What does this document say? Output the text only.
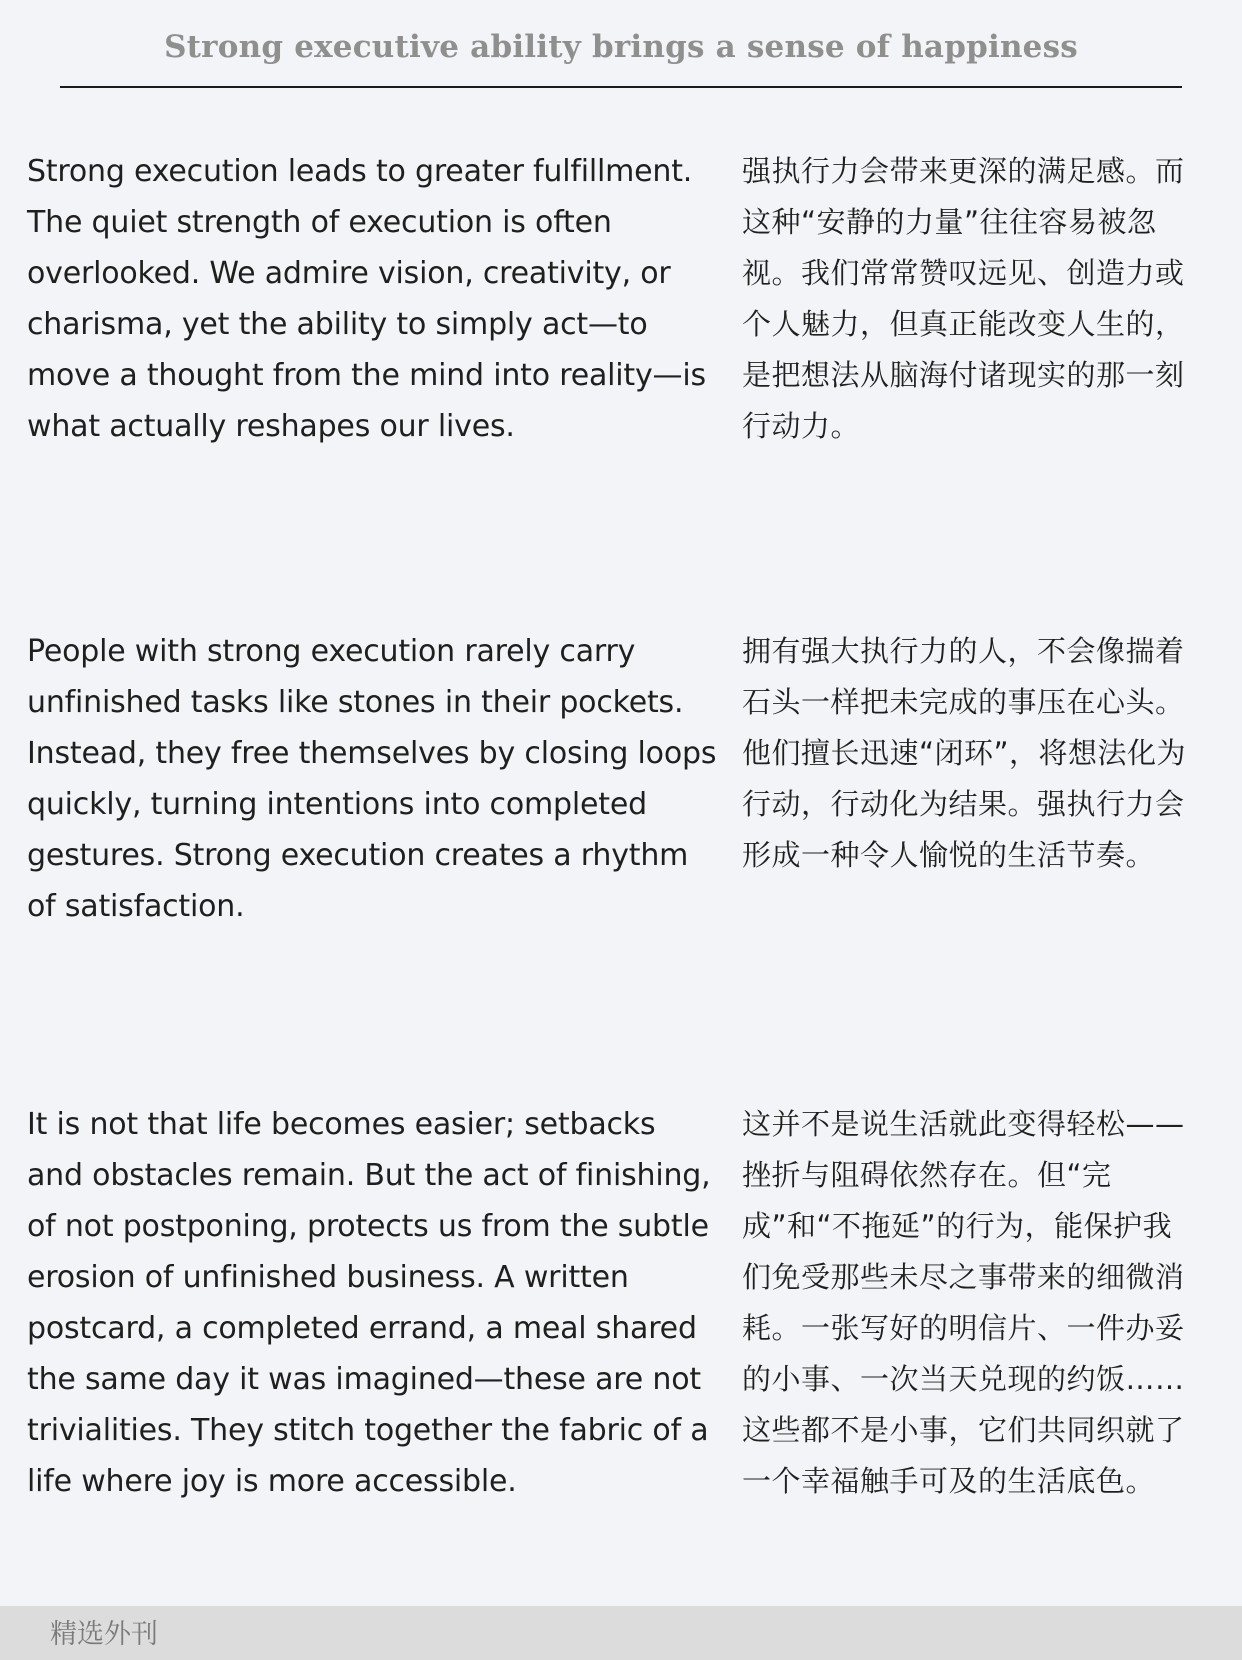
Strong executive ability brings a sense of happiness

Strong execution leads to greater fulfillment. The quiet strength of execution is often overlooked. We admire vision, creativity, or charisma, yet the ability to simply act—to move a thought from the mind into reality—is what actually reshapes our lives.

强执行力会带来更深的满足感。而这种“安静的力量”往往容易被忽视。我们常常赞叹远见、创造力或个人魅力，但真正能改变人生的，是把想法从脑海付诸现实的那一刻行动力。

People with strong execution rarely carry unfinished tasks like stones in their pockets. Instead, they free themselves by closing loops quickly, turning intentions into completed gestures. Strong execution creates a rhythm of satisfaction.

拥有强大执行力的人，不会像揣着石头一样把未完成的事压在心头。他们擅长迅速“闭环”，将想法化为行动，行动化为结果。强执行力会形成一种令人愉悦的生活节奏。

It is not that life becomes easier; setbacks and obstacles remain. But the act of finishing, of not postponing, protects us from the subtle erosion of unfinished business. A written postcard, a completed errand, a meal shared the same day it was imagined—these are not trivialities. They stitch together the fabric of a life where joy is more accessible.

这并不是说生活就此变得轻松——挫折与阻碍依然存在。但“完成”和“不拖延”的行为，能保护我们免受那些未尽之事带来的细微消耗。一张写好的明信片、一件办妥的小事、一次当天兑现的约饭……这些都不是小事，它们共同织就了一个幸福触手可及的生活底色。

精选外刊
